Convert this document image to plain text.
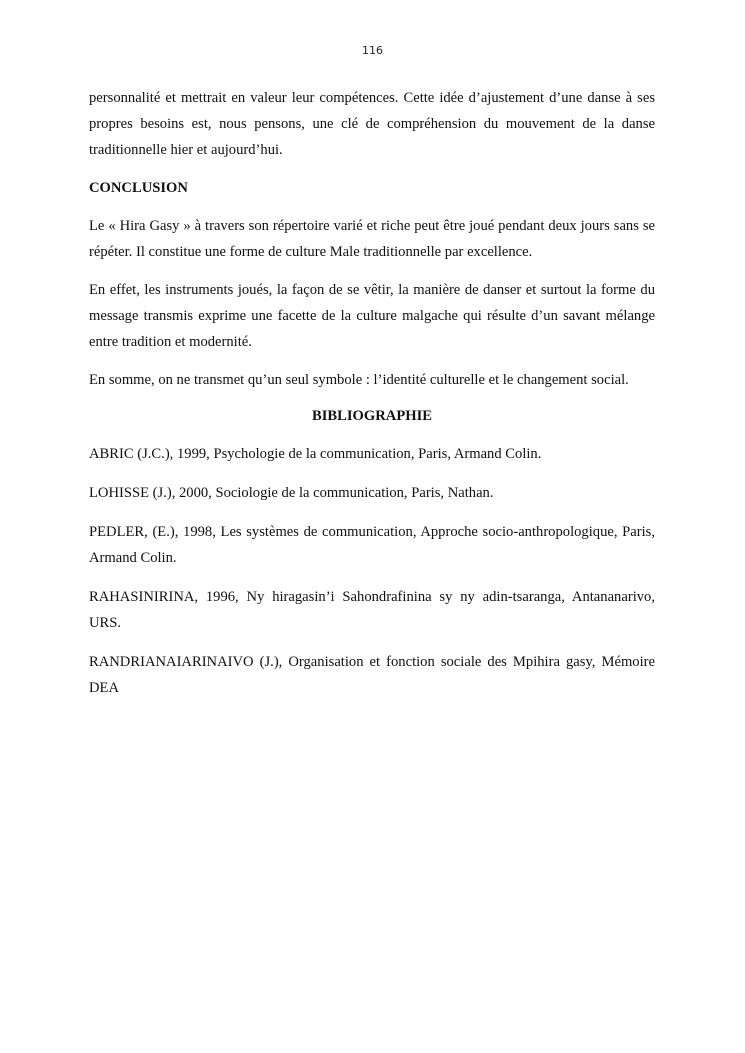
116

personnalité et mettrait en valeur leur compétences. Cette idée d’ajustement d’une danse à ses propres besoins est, nous pensons, une clé de compréhension du mouvement de la danse traditionnelle hier et aujourd’hui.

CONCLUSION

Le « Hira Gasy » à travers son répertoire varié et riche peut être joué pendant deux jours sans se répéter. Il constitue une forme de culture Male traditionnelle par excellence.

En effet, les instruments joués, la façon de se vêtir, la manière de danser et surtout la forme du message transmis exprime une facette de la culture malgache qui résulte d’un savant mélange entre tradition et modernité.

En somme, on ne transmet qu’un seul symbole : l’identité culturelle et le changement social.

BIBLIOGRAPHIE

ABRIC (J.C.), 1999, Psychologie de la communication, Paris, Armand Colin.

LOHISSE (J.), 2000, Sociologie de la communication, Paris, Nathan.

PEDLER, (E.), 1998, Les systèmes de communication, Approche socio-anthropologique, Paris, Armand Colin.

RAHASINIRINA, 1996, Ny hiragasin’i Sahondrafinina sy ny adin-tsaranga, Antananarivo, URS.

RANDRIANAIARINAIVO (J.), Organisation et fonction sociale des Mpihira gasy, Mémoire DEA
